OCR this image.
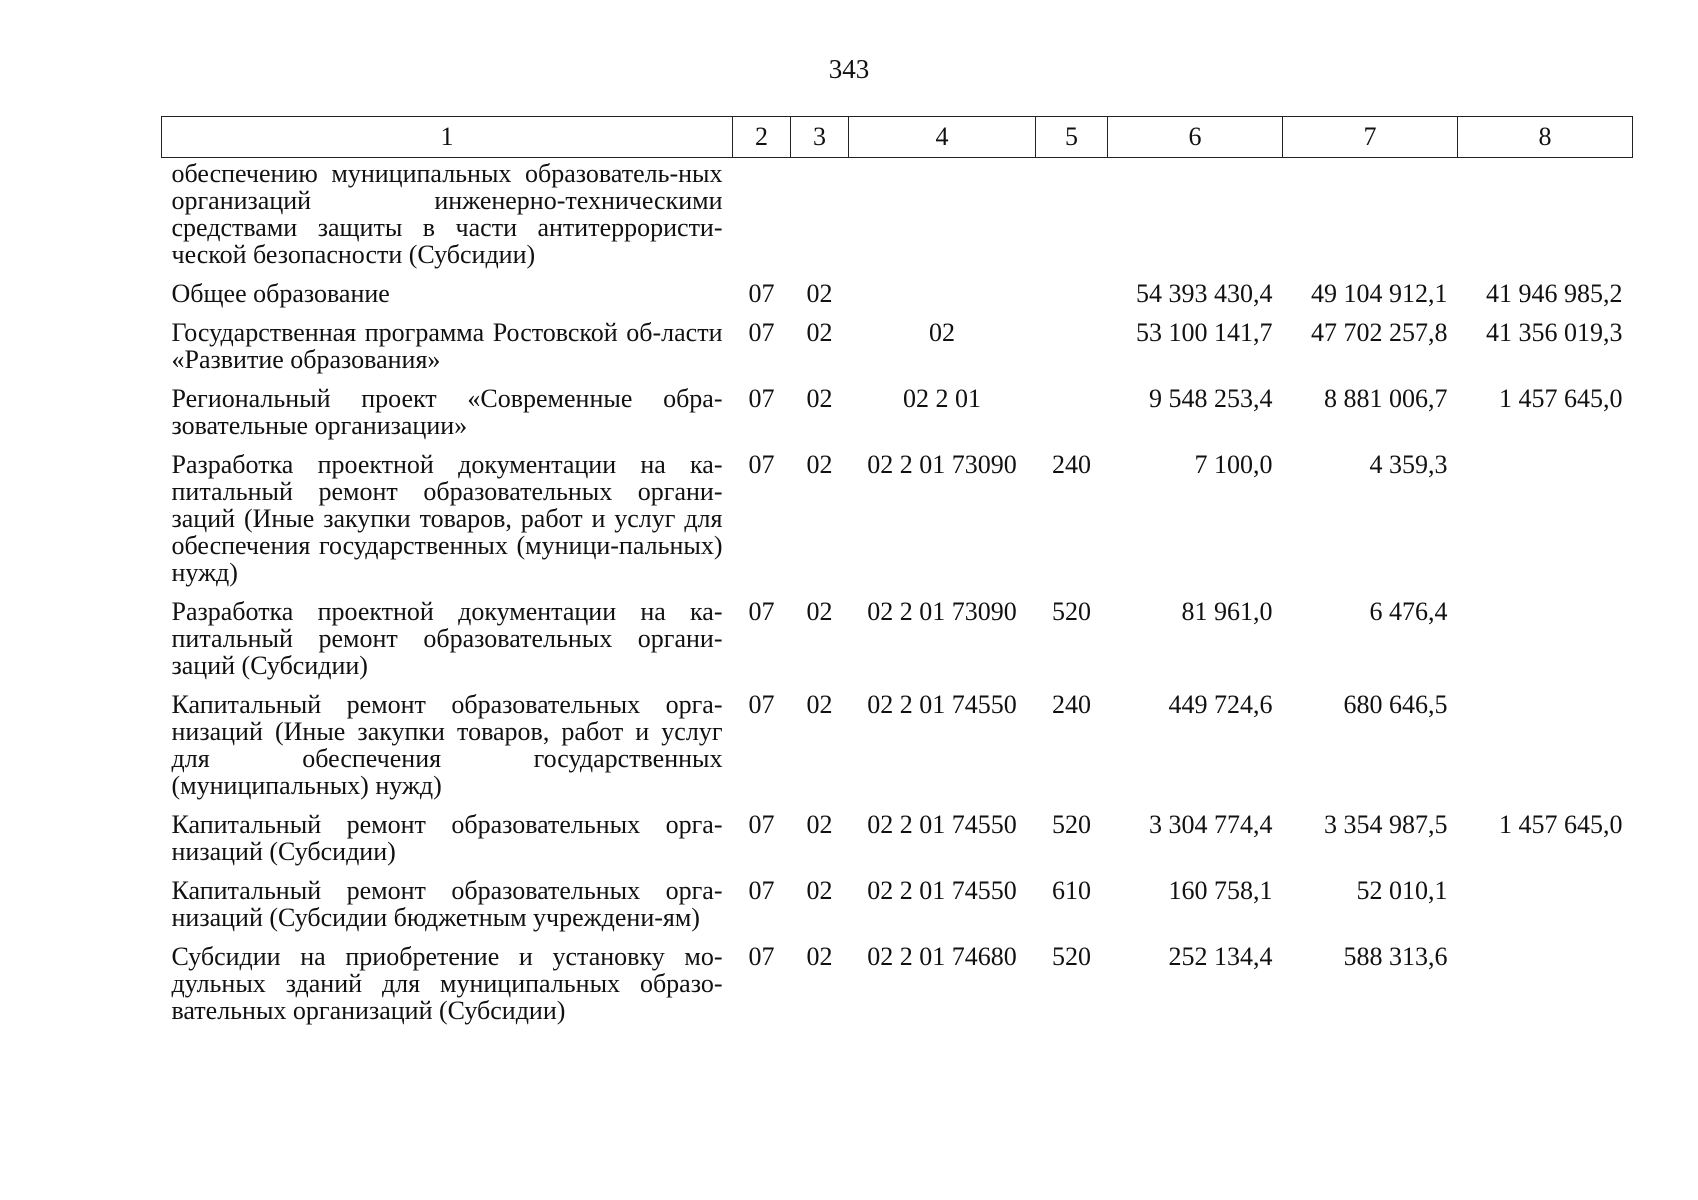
343
1	2	3	4	5	6	7	8
обеспечению муниципальных образователь-ных организаций инженерно-техническими средствами защиты в части антитеррористи-ческой безопасности (Субсидии)							
Общее образование	07	02			54 393 430,4	49 104 912,1	41 946 985,2
Государственная программа Ростовской об-ласти «Развитие образования»	07	02	02		53 100 141,7	47 702 257,8	41 356 019,3
Региональный проект «Современные обра-зовательные организации»	07	02	02 2 01		9 548 253,4	8 881 006,7	1 457 645,0
Разработка проектной документации на ка-питальный ремонт образовательных органи-заций (Иные закупки товаров, работ и услуг для обеспечения государственных (муници-пальных) нужд)	07	02	02 2 01 73090	240	7 100,0	4 359,3	
Разработка проектной документации на ка-питальный ремонт образовательных органи-заций (Субсидии)	07	02	02 2 01 73090	520	81 961,0	6 476,4	
Капитальный ремонт образовательных орга-низаций (Иные закупки товаров, работ и услуг для обеспечения государственных (муниципальных) нужд)	07	02	02 2 01 74550	240	449 724,6	680 646,5	
Капитальный ремонт образовательных орга-низаций (Субсидии)	07	02	02 2 01 74550	520	3 304 774,4	3 354 987,5	1 457 645,0
Капитальный ремонт образовательных орга-низаций (Субсидии бюджетным учреждени-ям)	07	02	02 2 01 74550	610	160 758,1	52 010,1	
Субсидии на приобретение и установку мо-дульных зданий для муниципальных образо-вательных организаций (Субсидии)	07	02	02 2 01 74680	520	252 134,4	588 313,6	
